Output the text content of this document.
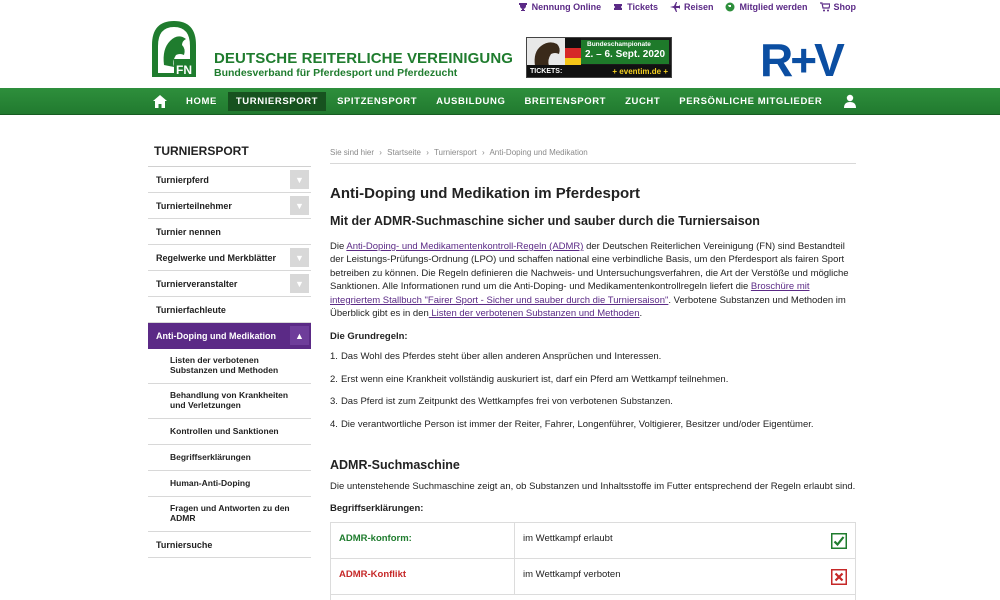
Nennung Online	Tickets	Reisen	Mitglied werden	Shop
FN
DEUTSCHE REITERLICHE VEREINIGUNG
Bundesverband für Pferdesport und Pferdezucht
Bundeschampionate
2. – 6. Sept. 2020
TICKETS:	+ eventim.de + R+V
HOME	TURNIERSPORT	SPITZENSPORT	AUSBILDUNG	BREITENSPORT	ZUCHT	PERSÖNLICHE MITGLIEDER
TURNIERSPORT
Turnierpferd	▼
Turnierteilnehmer	▼
Turnier nennen
Regelwerke und Merkblätter	▼
Turnierveranstalter	▼
Turnierfachleute
Anti-Doping und Medikation	▲
Listen der verbotenen Substanzen und Methoden
Behandlung von Krankheiten und Verletzungen
Kontrollen und Sanktionen
Begriffserklärungen
Human-Anti-Doping
Fragen und Antworten zu den ADMR
Turniersuche
Sie sind hier › Startseite › Turniersport › Anti-Doping und Medikation
Anti-Doping und Medikation im Pferdesport
Mit der ADMR-Suchmaschine sicher und sauber durch die Turniersaison
Die Anti-Doping- und Medikamentenkontroll-Regeln (ADMR) der Deutschen Reiterlichen Vereinigung (FN) sind Bestandteil der Leistungs-Prüfungs-Ordnung (LPO) und schaffen national eine verbindliche Basis, um den Pferdesport als fairen Sport betreiben zu können. Die Regeln definieren die Nachweis- und Untersuchungsverfahren, die Art der Verstöße und mögliche Sanktionen. Alle Informationen rund um die Anti-Doping- und Medikamentenkontrollregeln liefert die Broschüre mit integriertem Stallbuch "Fairer Sport - Sicher und sauber durch die Turniersaison". Verbotene Substanzen und Methoden im Überblick gibt es in den Listen der verbotenen Substanzen und Methoden.
Die Grundregeln:
1. Das Wohl des Pferdes steht über allen anderen Ansprüchen und Interessen.
2. Erst wenn eine Krankheit vollständig auskuriert ist, darf ein Pferd am Wettkampf teilnehmen.
3. Das Pferd ist zum Zeitpunkt des Wettkampfes frei von verbotenen Substanzen.
4. Die verantwortliche Person ist immer der Reiter, Fahrer, Longenführer, Voltigierer, Besitzer und/oder Eigentümer.
ADMR-Suchmaschine
Die untenstehende Suchmaschine zeigt an, ob Substanzen und Inhaltsstoffe im Futter entsprechend der Regeln erlaubt sind.
Begriffserklärungen:
ADMR-konform:	im Wettkampf erlaubt
ADMR-Konflikt	im Wettkampf verboten
